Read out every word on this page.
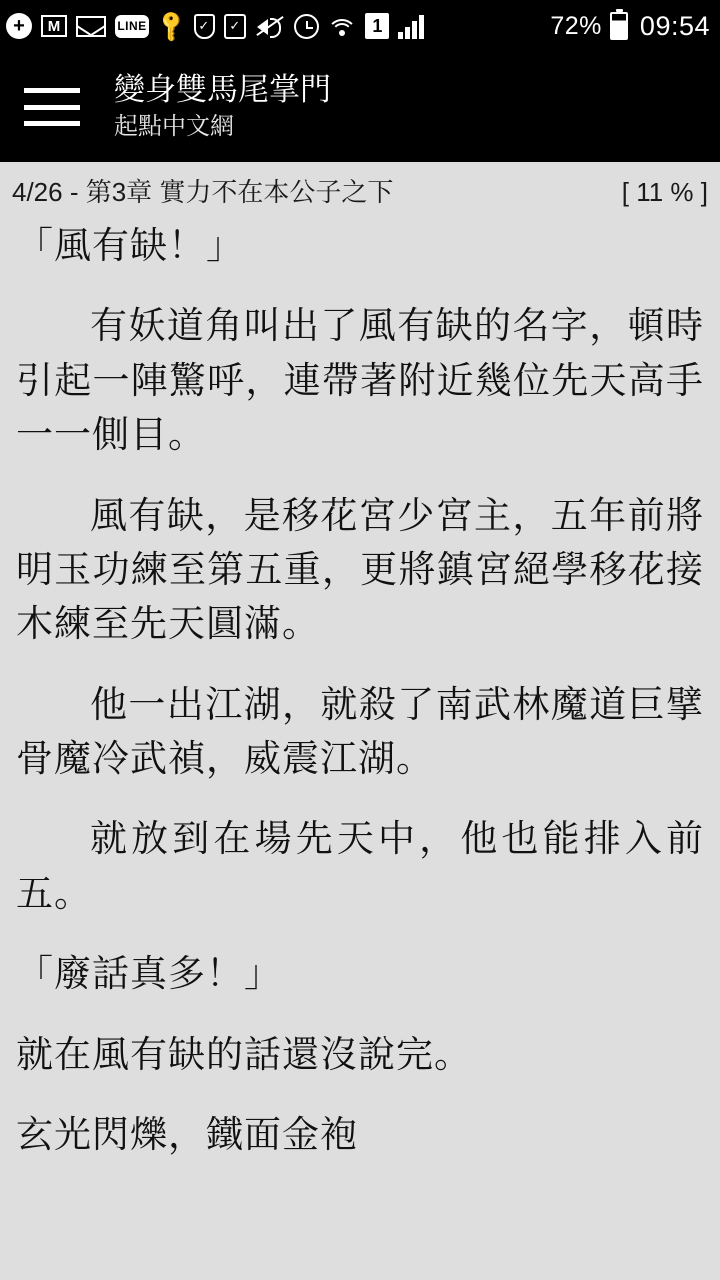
+	M	LINE 🔑 ✓ ✓	1	72% 09:54
變身雙馬尾掌門
起點中文網
4/26 - 第3章 實力不在本公子之下	[ 11 % ]

「風有缺！」

有妖道角叫出了風有缺的名字，頓時引起一陣驚呼，連帶著附近幾位先天高手一一側目。

風有缺，是移花宮少宮主，五年前將明玉功練至第五重，更將鎮宮絕學移花接木練至先天圓滿。

他一出江湖，就殺了南武林魔道巨擘骨魔冷武禎，威震江湖。

就放到在場先天中，他也能排入前五。

「廢話真多！」

就在風有缺的話還沒說完。

玄光閃爍，鐵面金袍
